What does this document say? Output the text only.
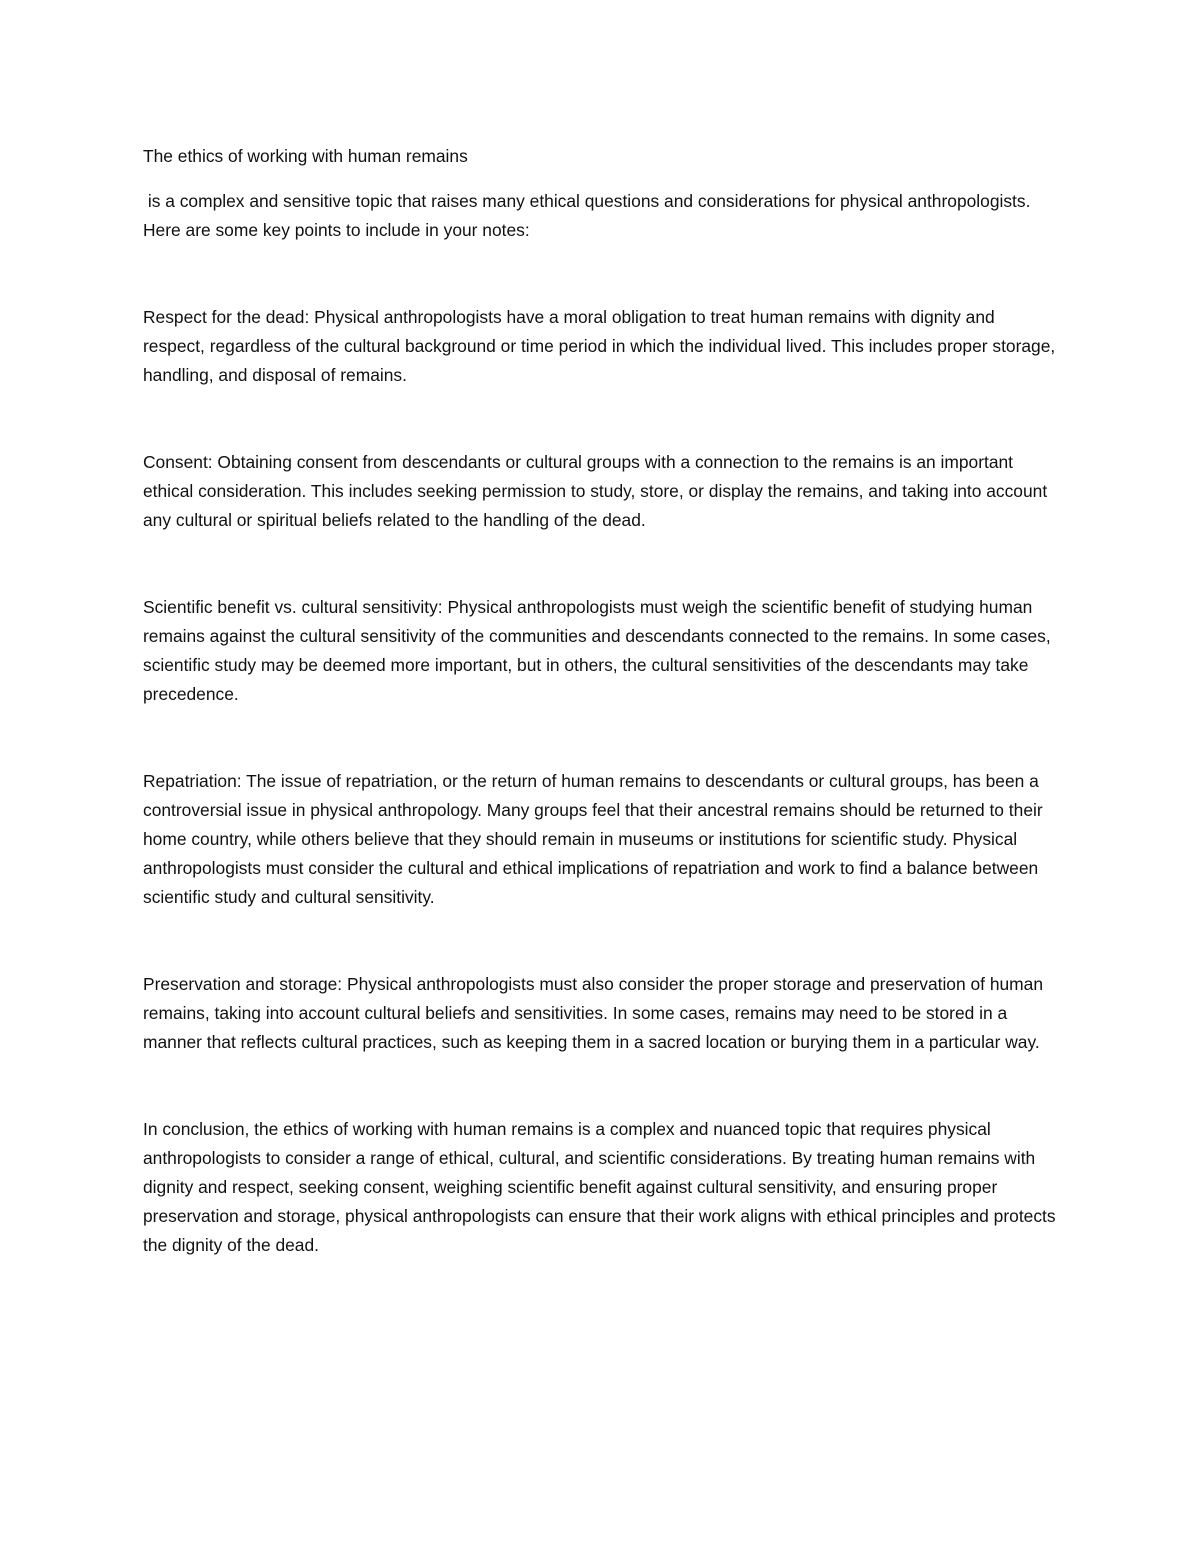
The ethics of working with human remains

is a complex and sensitive topic that raises many ethical questions and considerations for physical anthropologists. Here are some key points to include in your notes:

Respect for the dead: Physical anthropologists have a moral obligation to treat human remains with dignity and respect, regardless of the cultural background or time period in which the individual lived. This includes proper storage, handling, and disposal of remains.

Consent: Obtaining consent from descendants or cultural groups with a connection to the remains is an important ethical consideration. This includes seeking permission to study, store, or display the remains, and taking into account any cultural or spiritual beliefs related to the handling of the dead.

Scientific benefit vs. cultural sensitivity: Physical anthropologists must weigh the scientific benefit of studying human remains against the cultural sensitivity of the communities and descendants connected to the remains. In some cases, scientific study may be deemed more important, but in others, the cultural sensitivities of the descendants may take precedence.

Repatriation: The issue of repatriation, or the return of human remains to descendants or cultural groups, has been a controversial issue in physical anthropology. Many groups feel that their ancestral remains should be returned to their home country, while others believe that they should remain in museums or institutions for scientific study. Physical anthropologists must consider the cultural and ethical implications of repatriation and work to find a balance between scientific study and cultural sensitivity.

Preservation and storage: Physical anthropologists must also consider the proper storage and preservation of human remains, taking into account cultural beliefs and sensitivities. In some cases, remains may need to be stored in a manner that reflects cultural practices, such as keeping them in a sacred location or burying them in a particular way.

In conclusion, the ethics of working with human remains is a complex and nuanced topic that requires physical anthropologists to consider a range of ethical, cultural, and scientific considerations. By treating human remains with dignity and respect, seeking consent, weighing scientific benefit against cultural sensitivity, and ensuring proper preservation and storage, physical anthropologists can ensure that their work aligns with ethical principles and protects the dignity of the dead.
